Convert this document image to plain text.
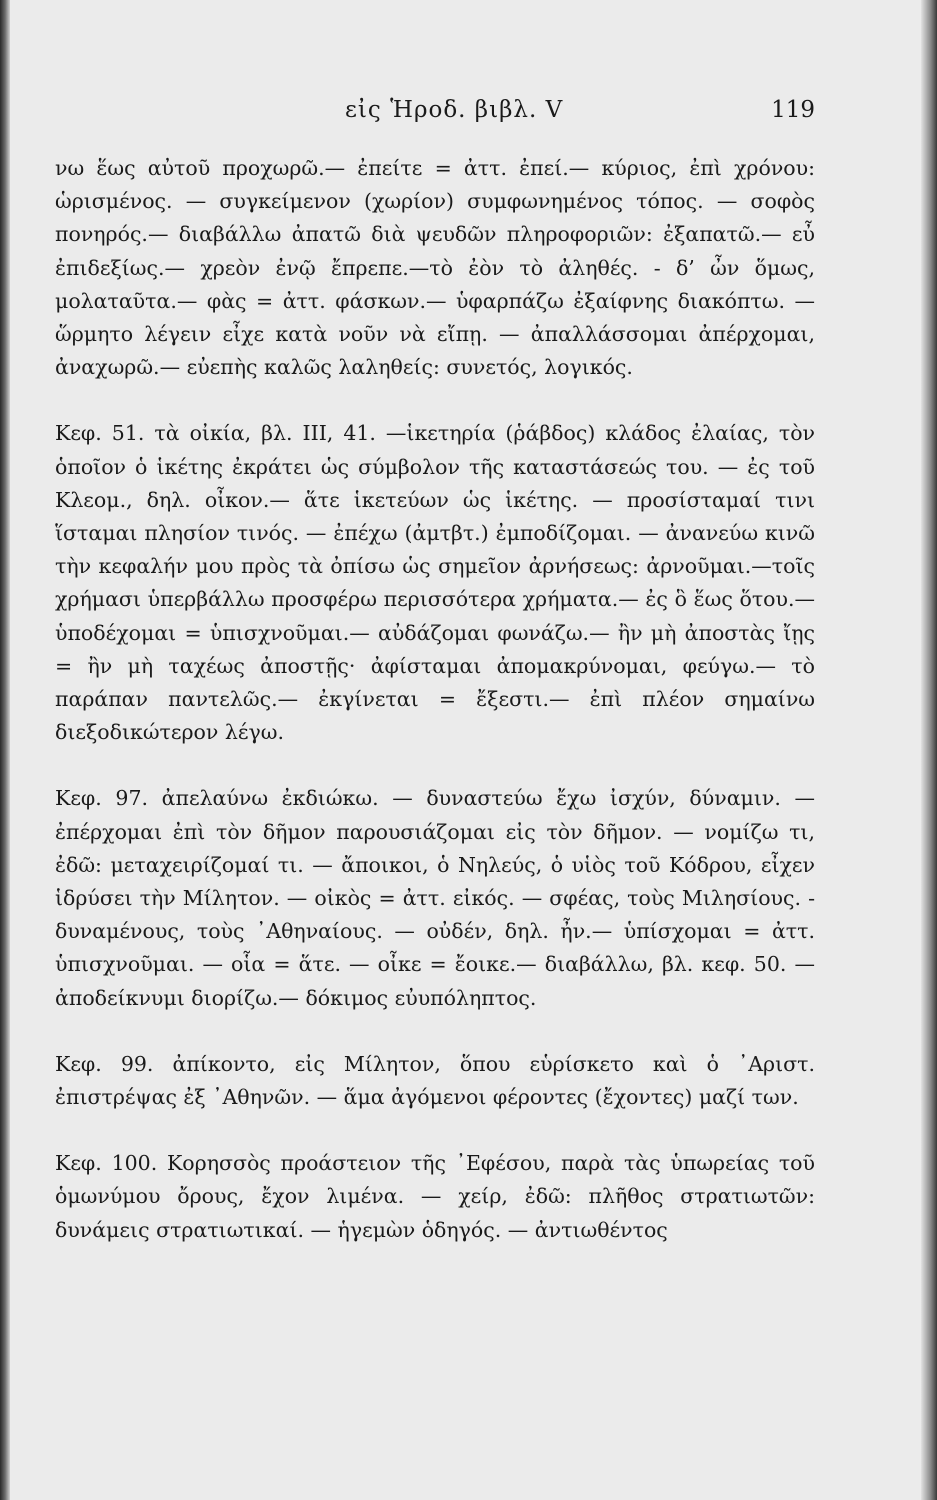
εἰς Ἡροδ. βιβλ. V	119

νω ἕως αὐτοῦ προχωρῶ.— ἐπείτε = ἀττ. ἐπεί.— κύριος, ἐπὶ χρόνου: ὡρισμένος. — συγκείμενον (χωρίον) συμφωνημένος τόπος. — σοφὸς πονηρός.— διαβάλλω ἀπατῶ διὰ ψευδῶν πληροφοριῶν: ἐξαπατῶ.— εὖ ἐπιδεξίως.— χρεὸν ἐνῷ ἔπρεπε.—τὸ ἐὸν τὸ ἀληθές. - δ’ ὦν ὅμως, μολαταῦτα.— φὰς = ἀττ. φάσκων.— ὑφαρπάζω ἐξαίφνης διακόπτω. — ὥρμητο λέγειν εἶχε κατὰ νοῦν νὰ εἴπῃ. — ἀπαλλάσσομαι ἀπέρχομαι, ἀναχωρῶ.— εὐεπὴς καλῶς λαληθείς: συνετός, λογικός.

Κεφ. 51. τὰ οἰκία, βλ. III, 41. —ἱκετηρία (ῥάβδος) κλάδος ἐλαίας, τὸν ὁποῖον ὁ ἱκέτης ἐκράτει ὡς σύμβολον τῆς καταστάσεώς του. — ἐς τοῦ Κλεομ., δηλ. οἶκον.— ἅτε ἱκετεύων ὡς ἱκέτης. — προσίσταμαί τινι ἵσταμαι πλησίον τινός. — ἐπέχω (ἀμτβτ.) ἐμποδίζομαι. — ἀνανεύω κινῶ τὴν κεφαλήν μου πρὸς τὰ ὀπίσω ὡς σημεῖον ἀρνήσεως: ἀρνοῦμαι.—τοῖς χρήμασι ὑπερβάλλω προσφέρω περισσότερα χρήματα.— ἐς ὃ ἕως ὅτου.— ὑποδέχομαι = ὑπισχνοῦμαι.— αὐδάζομαι φωνάζω.— ἢν μὴ ἀποστὰς ἴῃς = ἢν μὴ ταχέως ἀποστῇς· ἀφίσταμαι ἀπομακρύνομαι, φεύγω.— τὸ παράπαν παντελῶς.— ἐκγίνεται = ἔξεστι.— ἐπὶ πλέον σημαίνω διεξοδικώτερον λέγω.

Κεφ. 97. ἀπελαύνω ἐκδιώκω. — δυναστεύω ἔχω ἰσχύν, δύναμιν. — ἐπέρχομαι ἐπὶ τὸν δῆμον παρουσιάζομαι εἰς τὸν δῆμον. — νομίζω τι, ἐδῶ: μεταχειρίζομαί τι. — ἄποικοι, ὁ Νηλεύς, ὁ υἱὸς τοῦ Κόδρου, εἶχεν ἱδρύσει τὴν Μίλητον. — οἰκὸς = ἀττ. εἰκός. — σφέας, τοὺς Μιλησίους. - δυναμένους, τοὺς ᾿Αθηναίους. — οὐδέν, δηλ. ἦν.— ὑπίσχομαι = ἀττ. ὑπισχνοῦμαι. — οἷα = ἅτε. — οἶκε = ἔοικε.— διαβάλλω, βλ. κεφ. 50. — ἀποδείκνυμι διορίζω.— δόκιμος εὐυπόληπτος.

Κεφ. 99. ἀπίκοντο, εἰς Μίλητον, ὅπου εὑρίσκετο καὶ ὁ ᾿Αριστ. ἐπιστρέψας ἐξ ᾿Αθηνῶν. — ἅμα ἀγόμενοι φέροντες (ἔχοντες) μαζί των.

Κεφ. 100. Κορησσὸς προάστειον τῆς ᾿Εφέσου, παρὰ τὰς ὑπωρείας τοῦ ὁμωνύμου ὄρους, ἔχον λιμένα. — χείρ, ἐδῶ: πλῆθος στρατιωτῶν: δυνάμεις στρατιωτικαί. — ἡγεμὼν ὁδηγός. — ἀντιωθέντος
